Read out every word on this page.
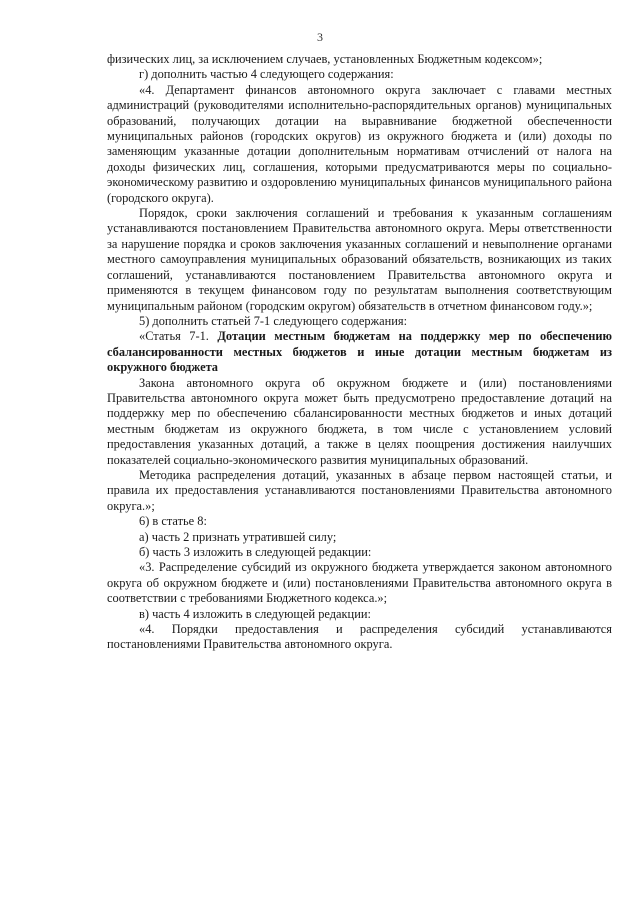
3

физических лиц, за исключением случаев, установленных Бюджетным кодексом»;

г) дополнить частью 4 следующего содержания:

«4. Департамент финансов автономного округа заключает с главами местных администраций (руководителями исполнительно-распорядительных органов) муниципальных образований, получающих дотации на выравнивание бюджетной обеспеченности муниципальных районов (городских округов) из окружного бюджета и (или) доходы по заменяющим указанные дотации дополнительным нормативам отчислений от налога на доходы физических лиц, соглашения, которыми предусматриваются меры по социально-экономическому развитию и оздоровлению муниципальных финансов муниципального района (городского округа).

Порядок, сроки заключения соглашений и требования к указанным соглашениям устанавливаются постановлением Правительства автономного округа. Меры ответственности за нарушение порядка и сроков заключения указанных соглашений и невыполнение органами местного самоуправления муниципальных образований обязательств, возникающих из таких соглашений, устанавливаются постановлением Правительства автономного округа и применяются в текущем финансовом году по результатам выполнения соответствующим муниципальным районом (городским округом) обязательств в отчетном финансовом году.»;

5) дополнить статьей 7-1 следующего содержания:

«Статья 7-1. Дотации местным бюджетам на поддержку мер по обеспечению сбалансированности местных бюджетов и иные дотации местным бюджетам из окружного бюджета

Закона автономного округа об окружном бюджете и (или) постановлениями Правительства автономного округа может быть предусмотрено предоставление дотаций на поддержку мер по обеспечению сбалансированности местных бюджетов и иных дотаций местным бюджетам из окружного бюджета, в том числе с установлением условий предоставления указанных дотаций, а также в целях поощрения достижения наилучших показателей социально-экономического развития муниципальных образований.

Методика распределения дотаций, указанных в абзаце первом настоящей статьи, и правила их предоставления устанавливаются постановлениями Правительства автономного округа.»;

6) в статье 8:

а) часть 2 признать утратившей силу;

б) часть 3 изложить в следующей редакции:

«3. Распределение субсидий из окружного бюджета утверждается законом автономного округа об окружном бюджете и (или) постановлениями Правительства автономного округа в соответствии с требованиями Бюджетного кодекса.»;

в) часть 4 изложить в следующей редакции:

«4. Порядки предоставления и распределения субсидий устанавливаются постановлениями Правительства автономного округа.
